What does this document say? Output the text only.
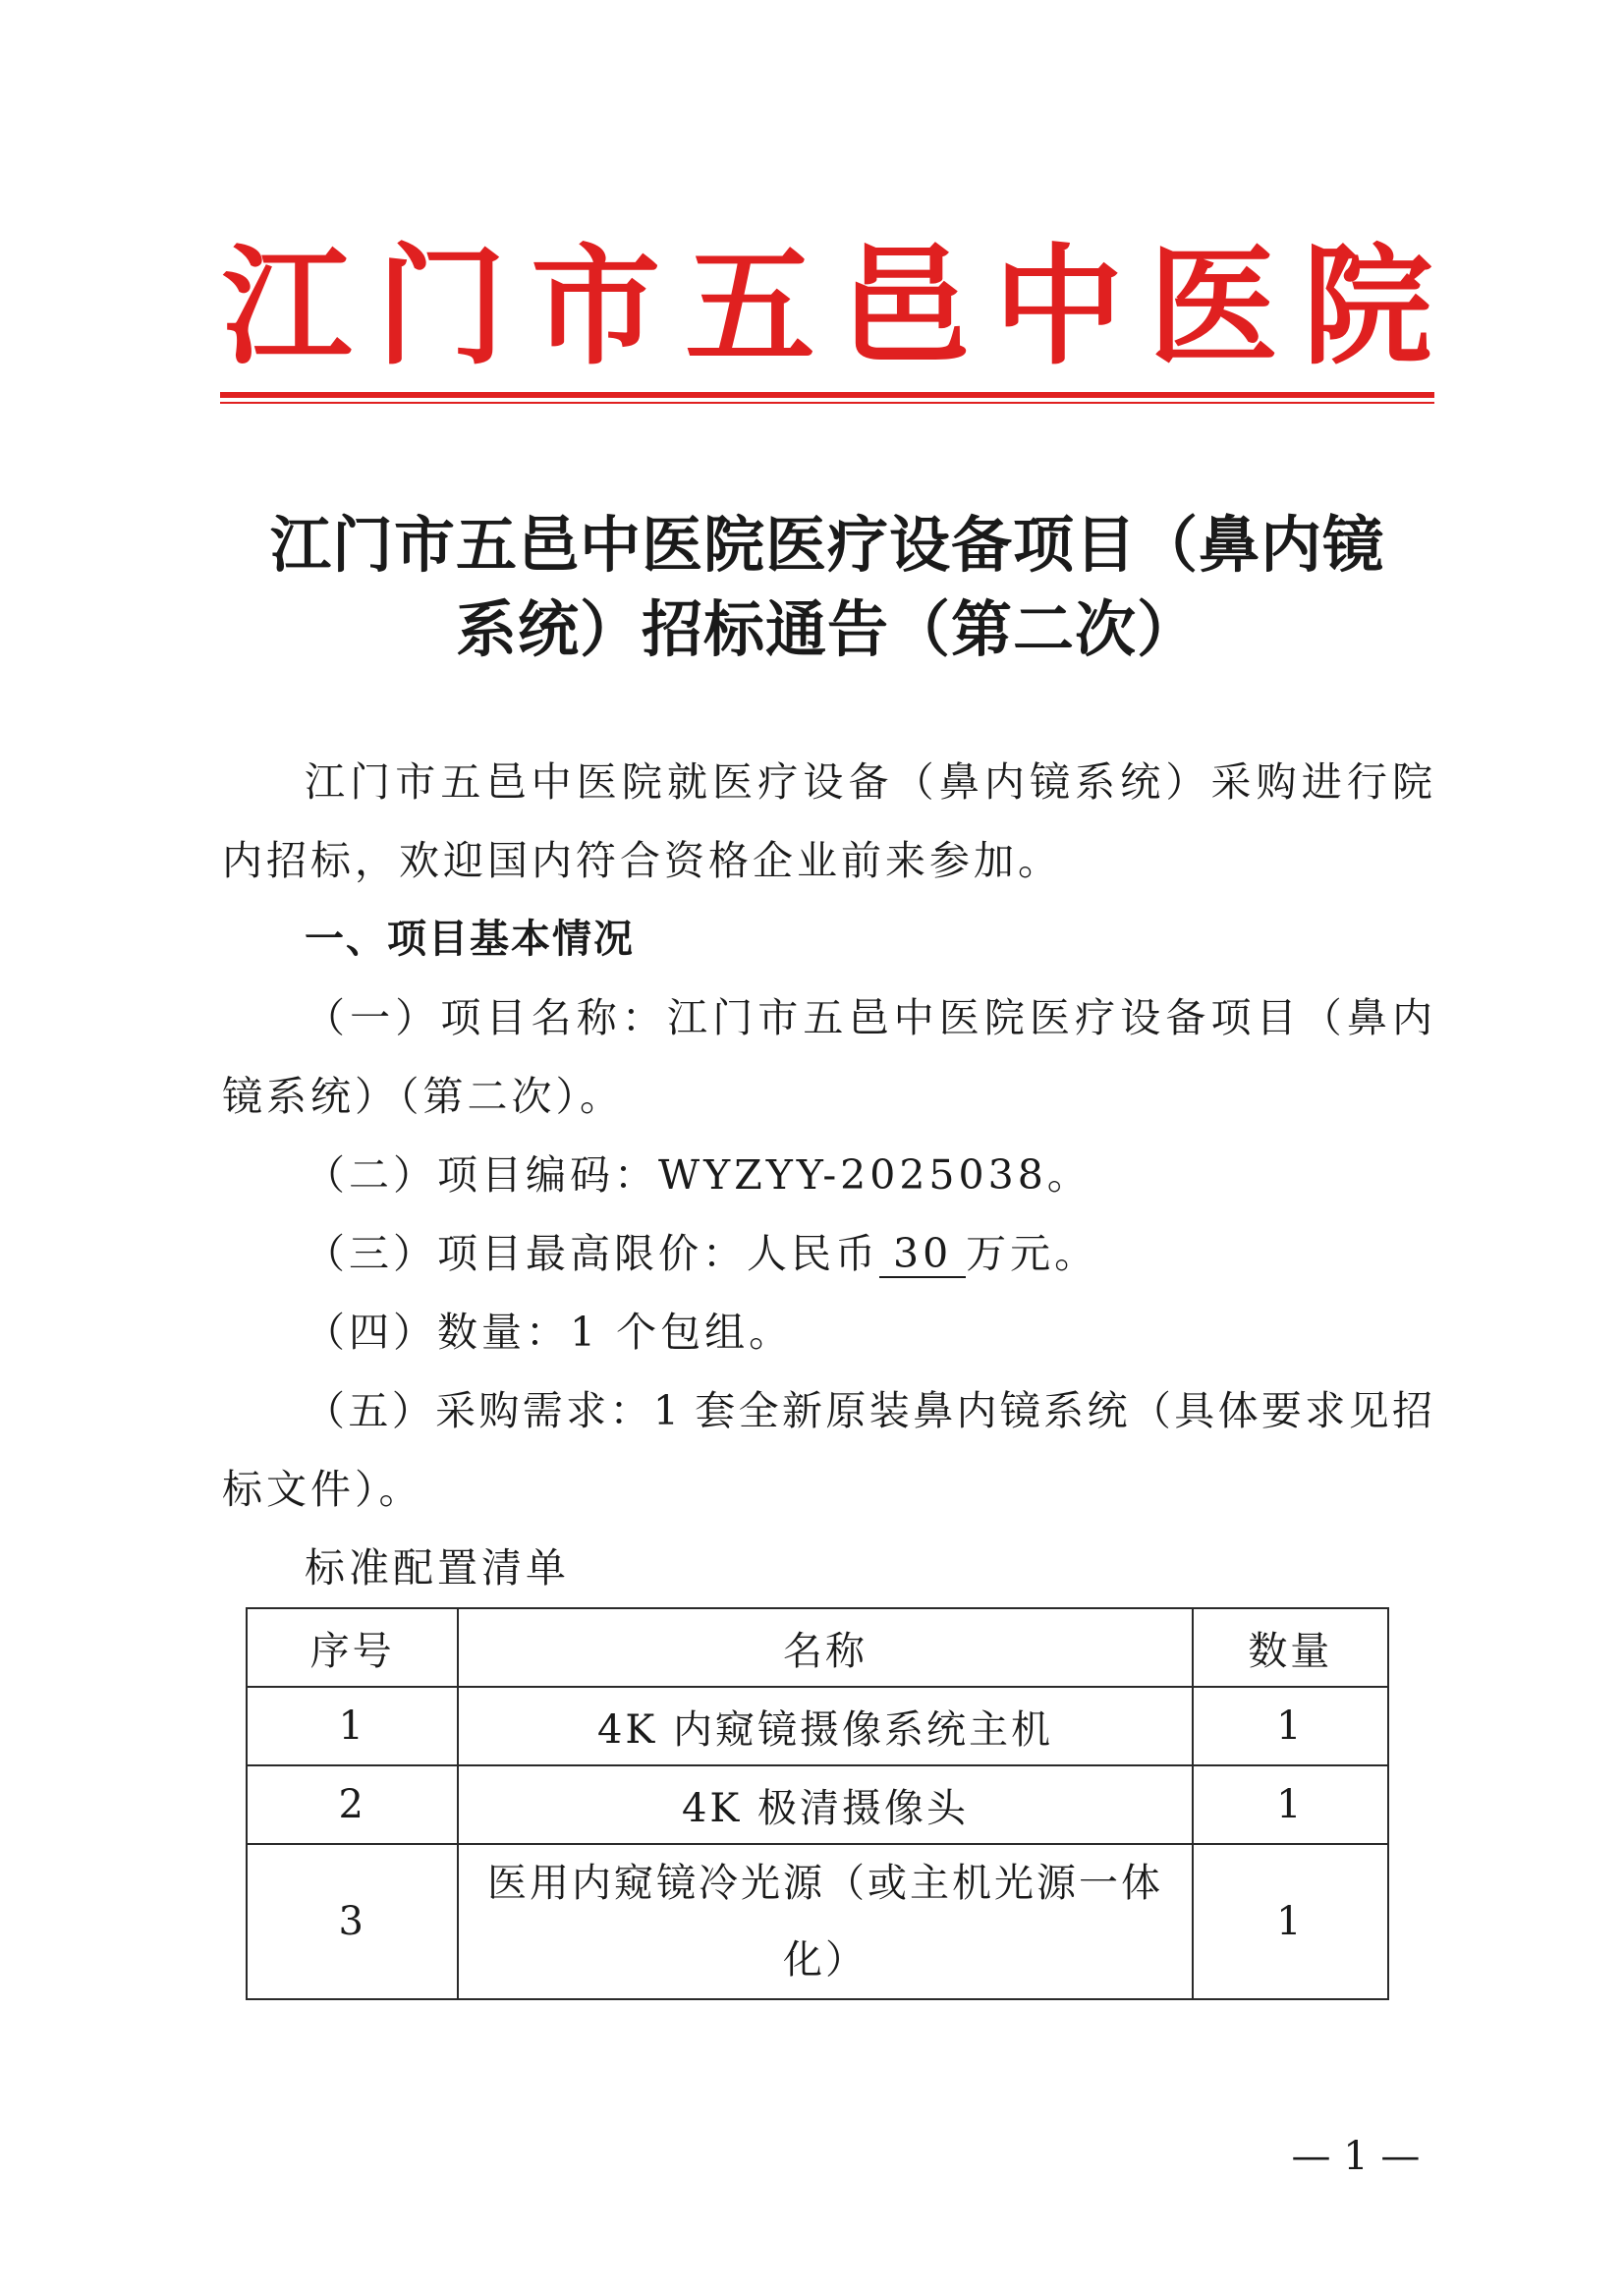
江 门 市 五 邑 中 医 院
江门市五邑中医院医疗设备项目（鼻内镜
系统）招标通告（第二次）
江门市五邑中医院就医疗设备（鼻内镜系统）采购进行院
内招标，欢迎国内符合资格企业前来参加。
一、项目基本情况
（一）项目名称：江门市五邑中医院医疗设备项目（鼻内
镜系统）（第二次）。
（二）项目编码：WYZYY-2025038。
（三）项目最高限价：人民币 30 万元。
（四）数量：1 个包组。
（五）采购需求：1 套全新原装鼻内镜系统（具体要求见招
标文件）。
标准配置清单
序号	名称	数量
1	4K 内窥镜摄像系统主机	1
2	4K 极清摄像头	1
3	医用内窥镜冷光源（或主机光源一体
化）	1
— 1 —
